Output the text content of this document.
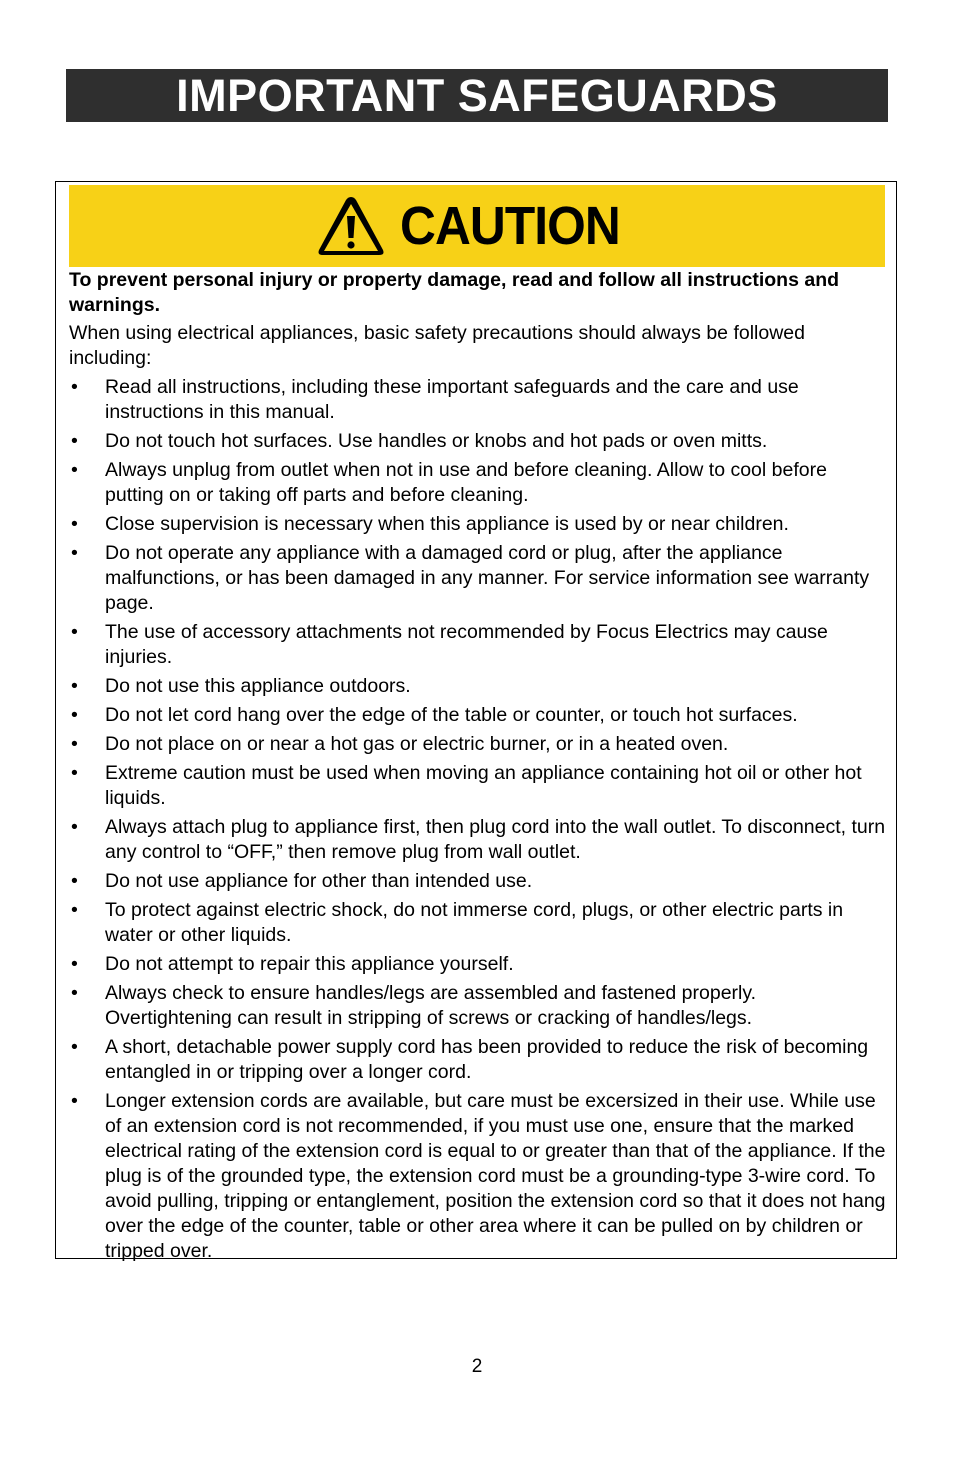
IMPORTANT SAFEGUARDS
CAUTION

To prevent personal injury or property damage, read and follow all instructions and warnings.

When using electrical appliances, basic safety precautions should always be followed including:

• Read all instructions, including these important safeguards and the care and use instructions in this manual.
• Do not touch hot surfaces. Use handles or knobs and hot pads or oven mitts.
• Always unplug from outlet when not in use and before cleaning. Allow to cool before putting on or taking off parts and before cleaning.
• Close supervision is necessary when this appliance is used by or near children.
• Do not operate any appliance with a damaged cord or plug, after the appliance malfunctions, or has been damaged in any manner. For service information see warranty page.
• The use of accessory attachments not recommended by Focus Electrics may cause injuries.
• Do not use this appliance outdoors.
• Do not let cord hang over the edge of the table or counter, or touch hot surfaces.
• Do not place on or near a hot gas or electric burner, or in a heated oven.
• Extreme caution must be used when moving an appliance containing hot oil or other hot liquids.
• Always attach plug to appliance first, then plug cord into the wall outlet. To disconnect, turn any control to “OFF,” then remove plug from wall outlet.
• Do not use appliance for other than intended use.
• To protect against electric shock, do not immerse cord, plugs, or other electric parts in water or other liquids.
• Do not attempt to repair this appliance yourself.
• Always check to ensure handles/legs are assembled and fastened properly. Overtightening can result in stripping of screws or cracking of handles/legs.
• A short, detachable power supply cord has been provided to reduce the risk of becoming entangled in or tripping over a longer cord.
• Longer extension cords are available, but care must be excersized in their use. While use of an extension cord is not recommended, if you must use one, ensure that the marked electrical rating of the extension cord is equal to or greater than that of the appliance. If the plug is of the grounded type, the extension cord must be a grounding-type 3-wire cord. To avoid pulling, tripping or entanglement, position the extension cord so that it does not hang over the edge of the counter, table or other area where it can be pulled on by children or tripped over.
2
